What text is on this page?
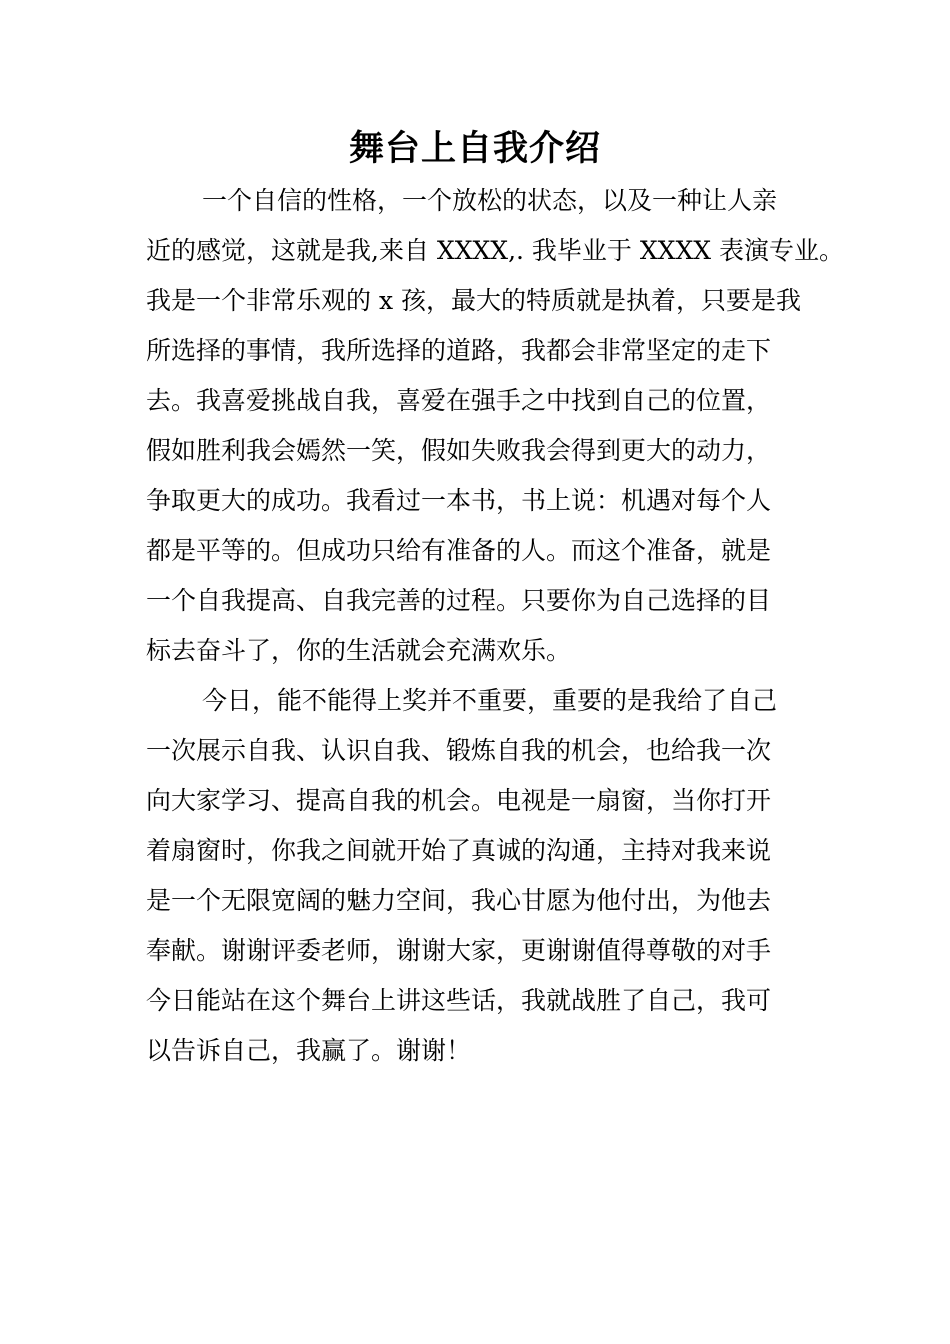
舞台上自我介绍
一个自信的性格，一个放松的状态，以及一种让人亲
近的感觉，这就是我,来自 XXXX,. 我毕业于 XXXX 表演专业。
我是一个非常乐观的 x 孩，最大的特质就是执着，只要是我
所选择的事情，我所选择的道路，我都会非常坚定的走下
去。我喜爱挑战自我，喜爱在强手之中找到自己的位置，
假如胜利我会嫣然一笑，假如失败我会得到更大的动力，
争取更大的成功。我看过一本书，书上说：机遇对每个人
都是平等的。但成功只给有准备的人。而这个准备，就是
一个自我提高、自我完善的过程。只要你为自己选择的目
标去奋斗了，你的生活就会充满欢乐。
今日，能不能得上奖并不重要，重要的是我给了自己
一次展示自我、认识自我、锻炼自我的机会，也给我一次
向大家学习、提高自我的机会。电视是一扇窗，当你打开
着扇窗时，你我之间就开始了真诚的沟通，主持对我来说
是一个无限宽阔的魅力空间，我心甘愿为他付出，为他去
奉献。谢谢评委老师，谢谢大家，更谢谢值得尊敬的对手
今日能站在这个舞台上讲这些话，我就战胜了自己，我可
以告诉自己，我赢了。谢谢！
